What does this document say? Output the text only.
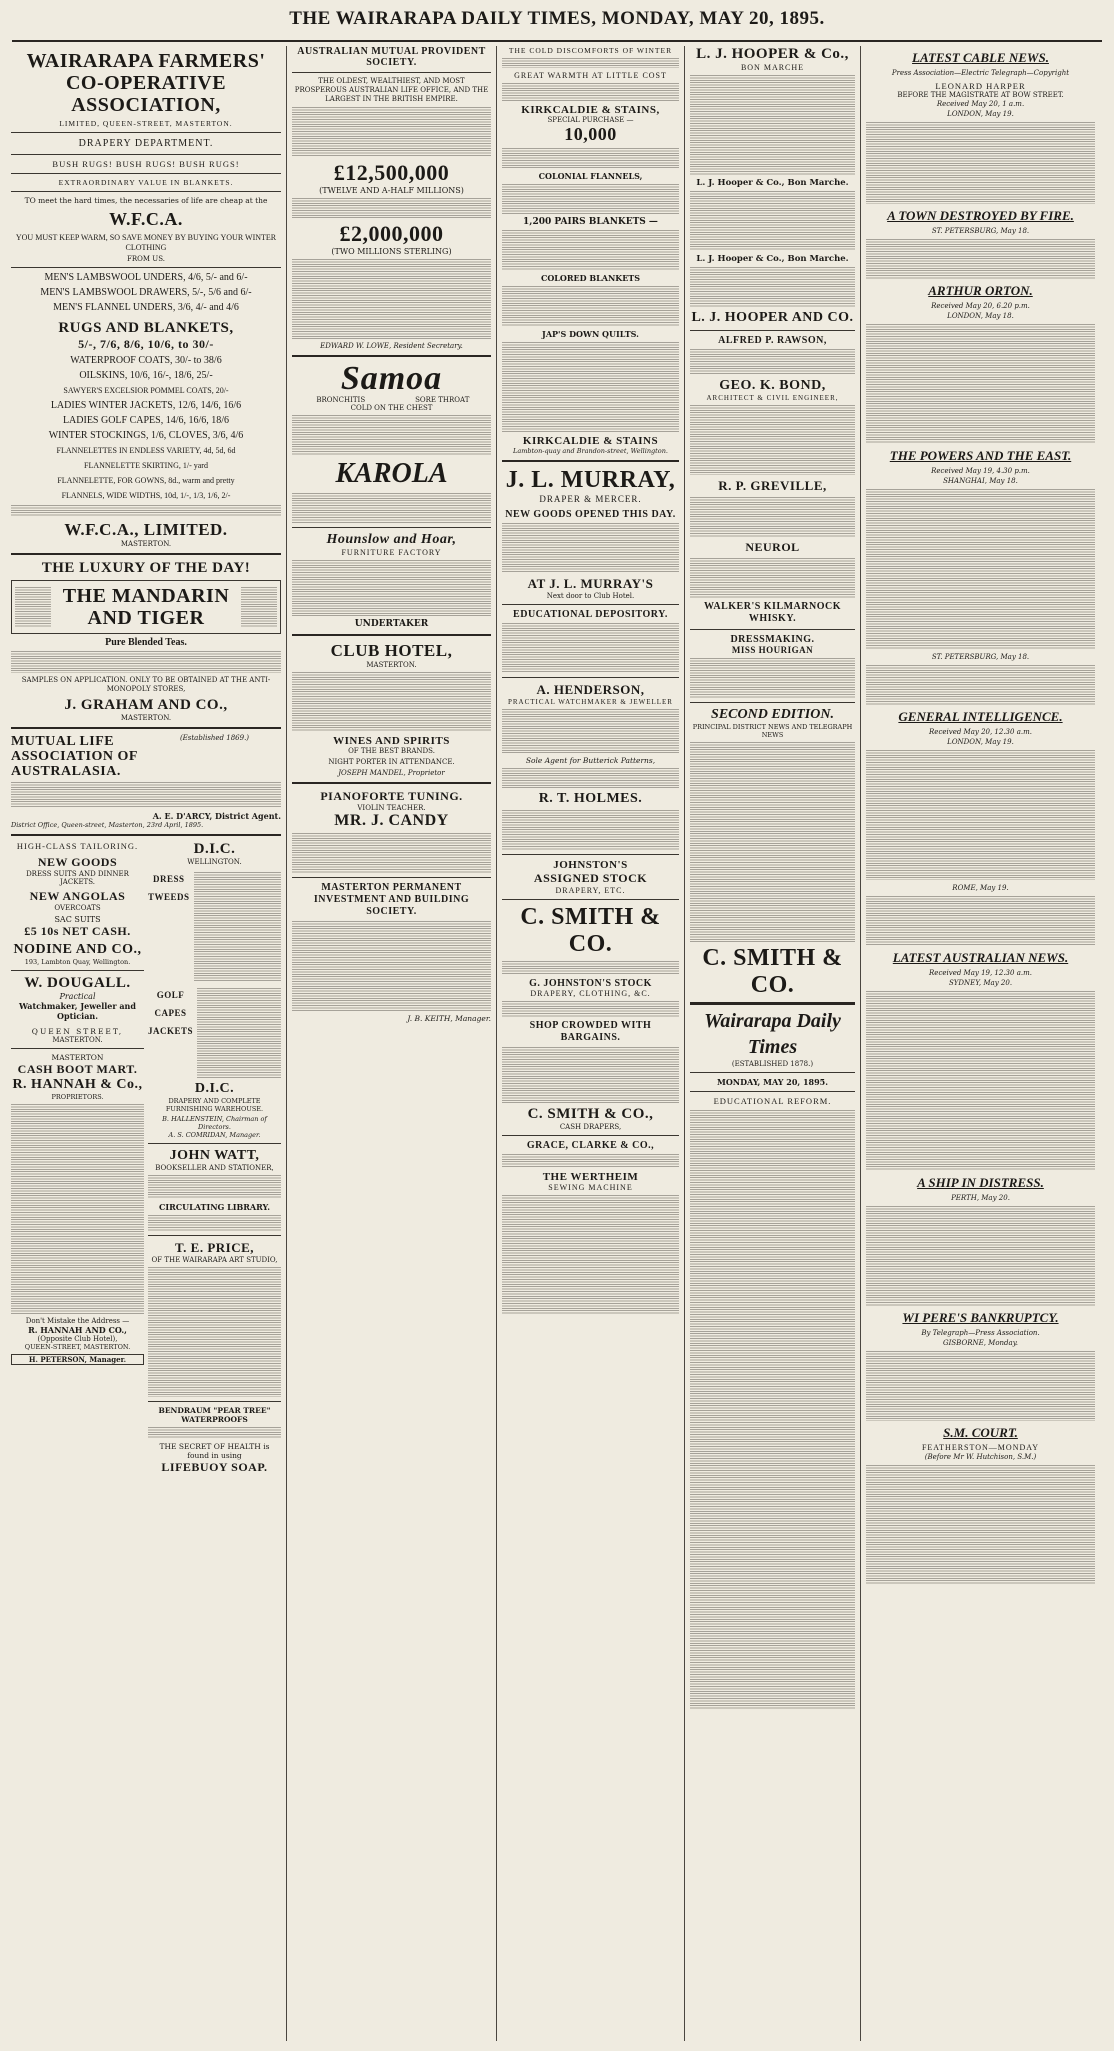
THE WAIRARAPA DAILY TIMES, MONDAY, MAY 20, 1895.
WAIRARAPA FARMERS' CO-OPERATIVE ASSOCIATION,
LIMITED, QUEEN-STREET, MASTERTON.
DRAPERY DEPARTMENT.
BUSH RUGS! BUSH RUGS! BUSH RUGS!
EXTRAORDINARY VALUE IN BLANKETS.
TO meet the hard times, the necessaries of life are cheap at the
W.F.C.A.
YOU MUST KEEP WARM, SO SAVE MONEY BY BUYING YOUR WINTER CLOTHING
FROM US.
MEN'S LAMBSWOOL UNDERS, 4/6, 5/- and 6/-
MEN'S LAMBSWOOL DRAWERS, 5/-, 5/6 and 6/-
MEN'S FLANNEL UNDERS, 3/6, 4/- and 4/6
RUGS AND BLANKETS,
5/-, 7/6, 8/6, 10/6, to 30/-
WATERPROOF COATS, 30/- to 38/6
OILSKINS, 10/6, 16/-, 18/6, 25/-
SAWYER'S EXCELSIOR POMMEL COATS, 20/-
LADIES WINTER JACKETS, 12/6, 14/6, 16/6
LADIES GOLF CAPES, 14/6, 16/6, 18/6
WINTER STOCKINGS, 1/6, CLOVES, 3/6, 4/6
FLANNELETTES IN ENDLESS VARIETY, 4d, 5d, 6d
FLANNELETTE SKIRTING, 1/- yard
FLANNELETTE, FOR GOWNS, 8d., warm and pretty
FLANNELS, WIDE WIDTHS, 10d, 1/-, 1/3, 1/6, 2/-
W.F.C.A., LIMITED.
MASTERTON.
THE LUXURY OF THE DAY!
THE MANDARIN AND TIGER
Pure Blended Teas.
SAMPLES ON APPLICATION. ONLY TO BE OBTAINED AT THE ANTI-MONOPOLY STORES,
J. GRAHAM AND CO.,
MASTERTON.
MUTUAL LIFE ASSOCIATION OF AUSTRALASIA.
(Established 1869.)
A. E. D'ARCY, District Agent.
District Office, Queen-street, Masterton, 23rd April, 1895.
HIGH-CLASS TAILORING.
NEW GOODS
DRESS SUITS AND DINNER JACKETS.
NEW ANGOLAS
OVERCOATS
SAC SUITS
£5 10s NET CASH.
NODINE AND CO.,
193, Lambton Quay, Wellington.
W. DOUGALL.
Practical
Watchmaker, Jeweller and Optician.
QUEEN STREET,
MASTERTON.
MASTERTON
CASH BOOT MART.
R. HANNAH & Co.,
PROPRIETORS.
Don't Mistake the Address —
R. HANNAH AND CO.,
(Opposite Club Hotel),
QUEEN-STREET, MASTERTON.
H. PETERSON, Manager.
D.I.C.
WELLINGTON.
DRESS TWEEDS
GOLF CAPES JACKETS
D.I.C.
DRAPERY AND COMPLETE FURNISHING WAREHOUSE.
B. HALLENSTEIN, Chairman of Directors.
A. S. COMRIDAN, Manager.
JOHN WATT,
BOOKSELLER AND STATIONER,
CIRCULATING LIBRARY.
T. E. PRICE,
OF THE WAIRARAPA ART STUDIO,
BENDRAUM "PEAR TREE" WATERPROOFS
THE SECRET OF HEALTH is found in using
LIFEBUOY SOAP.
AUSTRALIAN MUTUAL PROVIDENT SOCIETY.
THE OLDEST, WEALTHIEST, AND MOST PROSPEROUS AUSTRALIAN LIFE OFFICE, AND THE LARGEST IN THE BRITISH EMPIRE.
£12,500,000
(TWELVE AND A-HALF MILLIONS)
£2,000,000
(TWO MILLIONS STERLING)
EDWARD W. LOWE, Resident Secretary.
Samoa
BRONCHITIS	SORE THROAT
COLD ON THE CHEST
KAROLA
Hounslow and Hoar,
FURNITURE FACTORY
UNDERTAKER
CLUB HOTEL,
MASTERTON.
WINES AND SPIRITS
OF THE BEST BRANDS.
NIGHT PORTER IN ATTENDANCE.
JOSEPH MANDEL, Proprietor
PIANOFORTE TUNING.
VIOLIN TEACHER.
MR. J. CANDY
MASTERTON PERMANENT INVESTMENT AND BUILDING SOCIETY.
J. B. KEITH, Manager.
THE COLD DISCOMFORTS OF WINTER
GREAT WARMTH AT LITTLE COST
KIRKCALDIE & STAINS,
SPECIAL PURCHASE —
10,000
COLONIAL FLANNELS,
1,200 PAIRS BLANKETS —
COLORED BLANKETS
JAP'S DOWN QUILTS.
KIRKCALDIE & STAINS
Lambton-quay and Brandon-street, Wellington.
J. L. MURRAY,
DRAPER & MERCER.
NEW GOODS OPENED THIS DAY.
AT J. L. MURRAY'S
Next door to Club Hotel.
EDUCATIONAL DEPOSITORY.
A. HENDERSON,
PRACTICAL WATCHMAKER & JEWELLER
Sole Agent for Butterick Patterns,
R. T. HOLMES.
JOHNSTON'S
ASSIGNED STOCK
DRAPERY, ETC.
C. SMITH & CO.
G. JOHNSTON'S STOCK
DRAPERY, CLOTHING, &C.
SHOP CROWDED WITH BARGAINS.
C. SMITH & CO.,
CASH DRAPERS,
GRACE, CLARKE & CO.,
THE WERTHEIM
SEWING MACHINE
L. J. HOOPER & Co.,
BON MARCHE
L. J. Hooper & Co., Bon Marche.
L. J. Hooper & Co., Bon Marche.
L. J. HOOPER AND CO.
ALFRED P. RAWSON,
GEO. K. BOND,
ARCHITECT & CIVIL ENGINEER,
R. P. GREVILLE,
NEUROL
WALKER'S KILMARNOCK WHISKY.
DRESSMAKING.
MISS HOURIGAN
SECOND EDITION.
PRINCIPAL DISTRICT NEWS AND TELEGRAPH NEWS
C. SMITH & CO.
Wairarapa Daily Times
(ESTABLISHED 1878.)
MONDAY, MAY 20, 1895.
EDUCATIONAL REFORM.
LATEST CABLE NEWS.
Press Association—Electric Telegraph—Copyright
LEONARD HARPER
BEFORE THE MAGISTRATE AT BOW STREET.
Received May 20, 1 a.m.
LONDON, May 19.
A TOWN DESTROYED BY FIRE.
ST. PETERSBURG, May 18.
ARTHUR ORTON.
Received May 20, 6.20 p.m.
LONDON, May 18.
THE POWERS AND THE EAST.
Received May 19, 4.30 p.m.
SHANGHAI, May 18.
ST. PETERSBURG, May 18.
GENERAL INTELLIGENCE.
Received May 20, 12.30 a.m.
LONDON, May 19.
ROME, May 19.
LATEST AUSTRALIAN NEWS.
Received May 19, 12.30 a.m.
SYDNEY, May 20.
A SHIP IN DISTRESS.
PERTH, May 20.
WI PERE'S BANKRUPTCY.
By Telegraph—Press Association.
GISBORNE, Monday.
S.M. COURT.
FEATHERSTON—MONDAY
(Before Mr W. Hutchison, S.M.)
